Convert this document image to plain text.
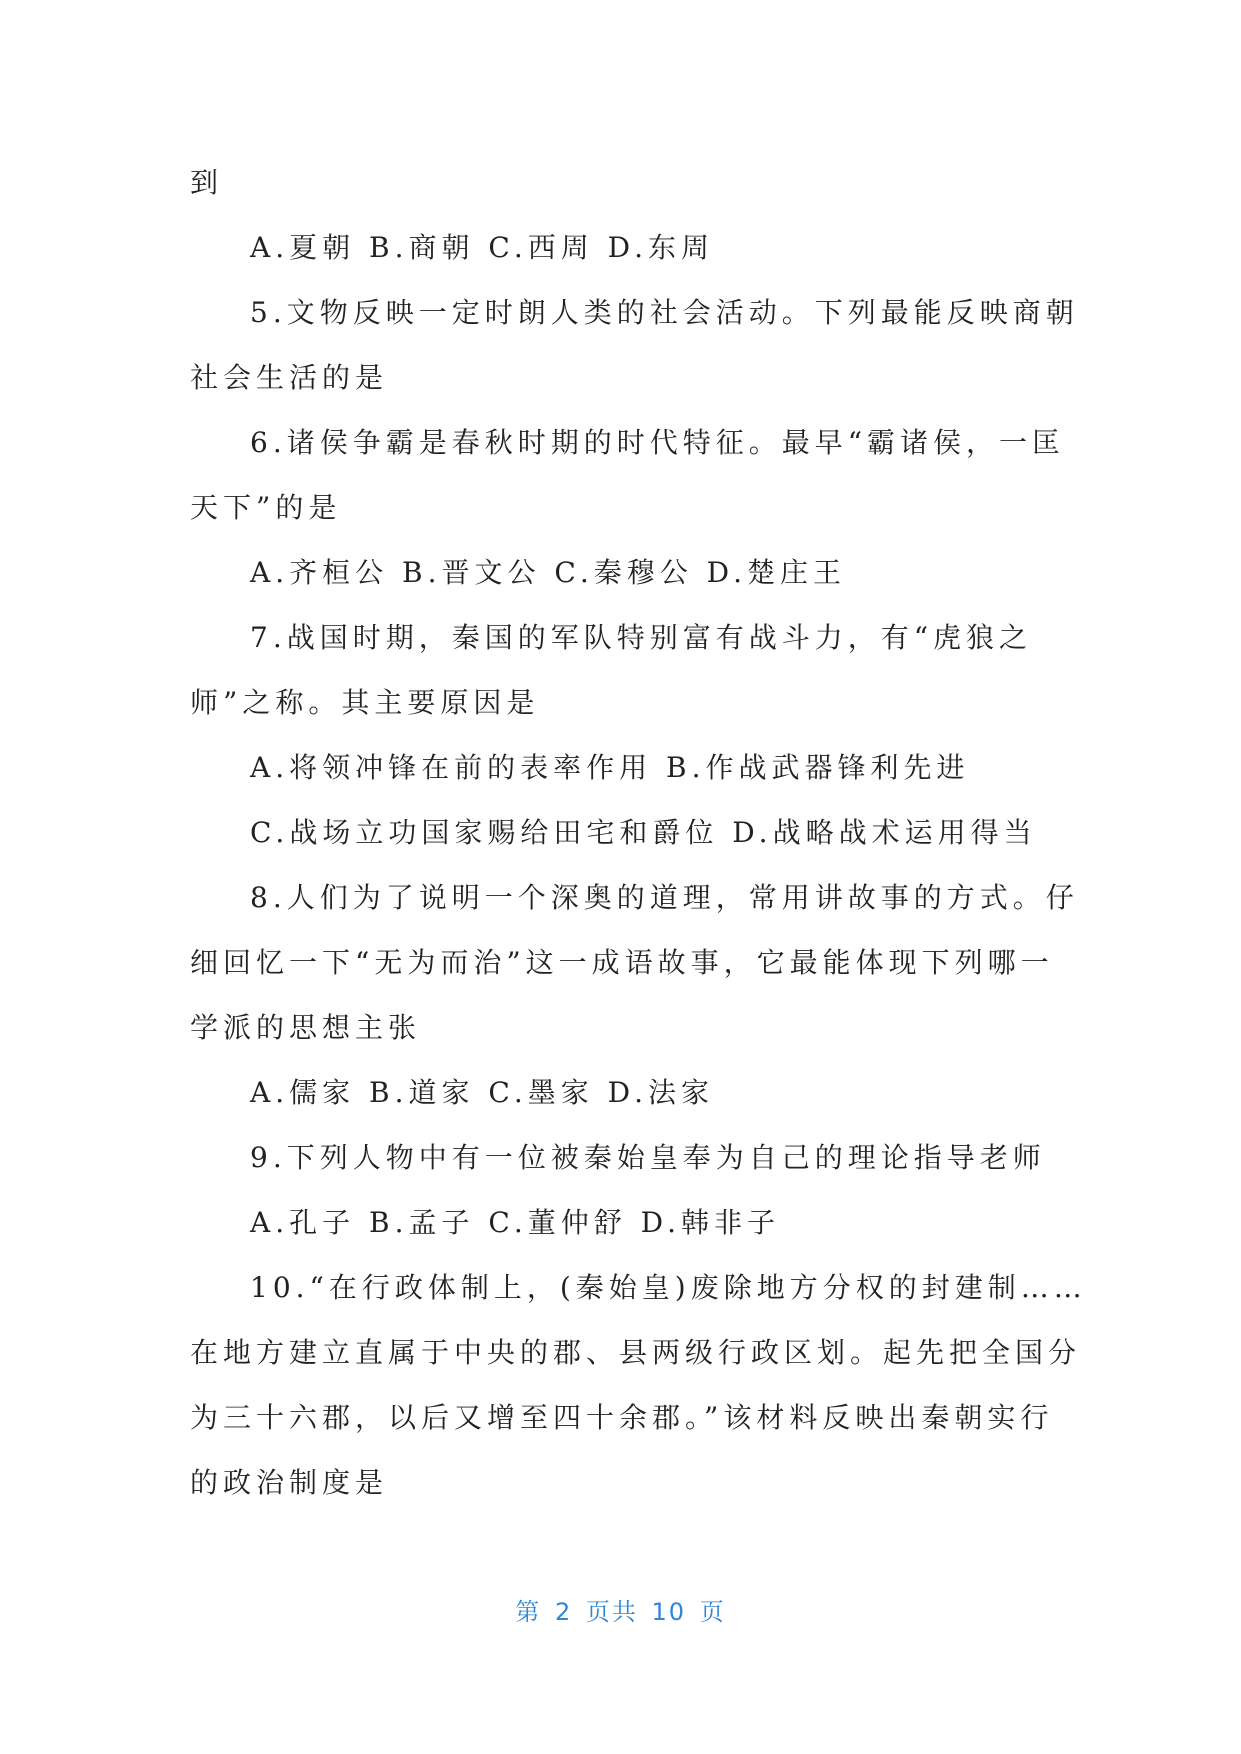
到
A.夏朝 B.商朝 C.西周 D.东周
5.文物反映一定时朗人类的社会活动。下列最能反映商朝
社会生活的是
6.诸侯争霸是春秋时期的时代特征。最早“霸诸侯，一匡
天下”的是
A.齐桓公 B.晋文公 C.秦穆公 D.楚庄王
7.战国时期，秦国的军队特别富有战斗力，有“虎狼之
师”之称。其主要原因是
A.将领冲锋在前的表率作用 B.作战武器锋利先进
C.战场立功国家赐给田宅和爵位 D.战略战术运用得当
8.人们为了说明一个深奥的道理，常用讲故事的方式。仔
细回忆一下“无为而治”这一成语故事，它最能体现下列哪一
学派的思想主张
A.儒家 B.道家 C.墨家 D.法家
9.下列人物中有一位被秦始皇奉为自己的理论指导老师
A.孔子 B.孟子 C.董仲舒 D.韩非子
10.“在行政体制上，(秦始皇)废除地方分权的封建制……
在地方建立直属于中央的郡、县两级行政区划。起先把全国分
为三十六郡，以后又增至四十余郡。”该材料反映出秦朝实行
的政治制度是
第 2 页共 10 页
